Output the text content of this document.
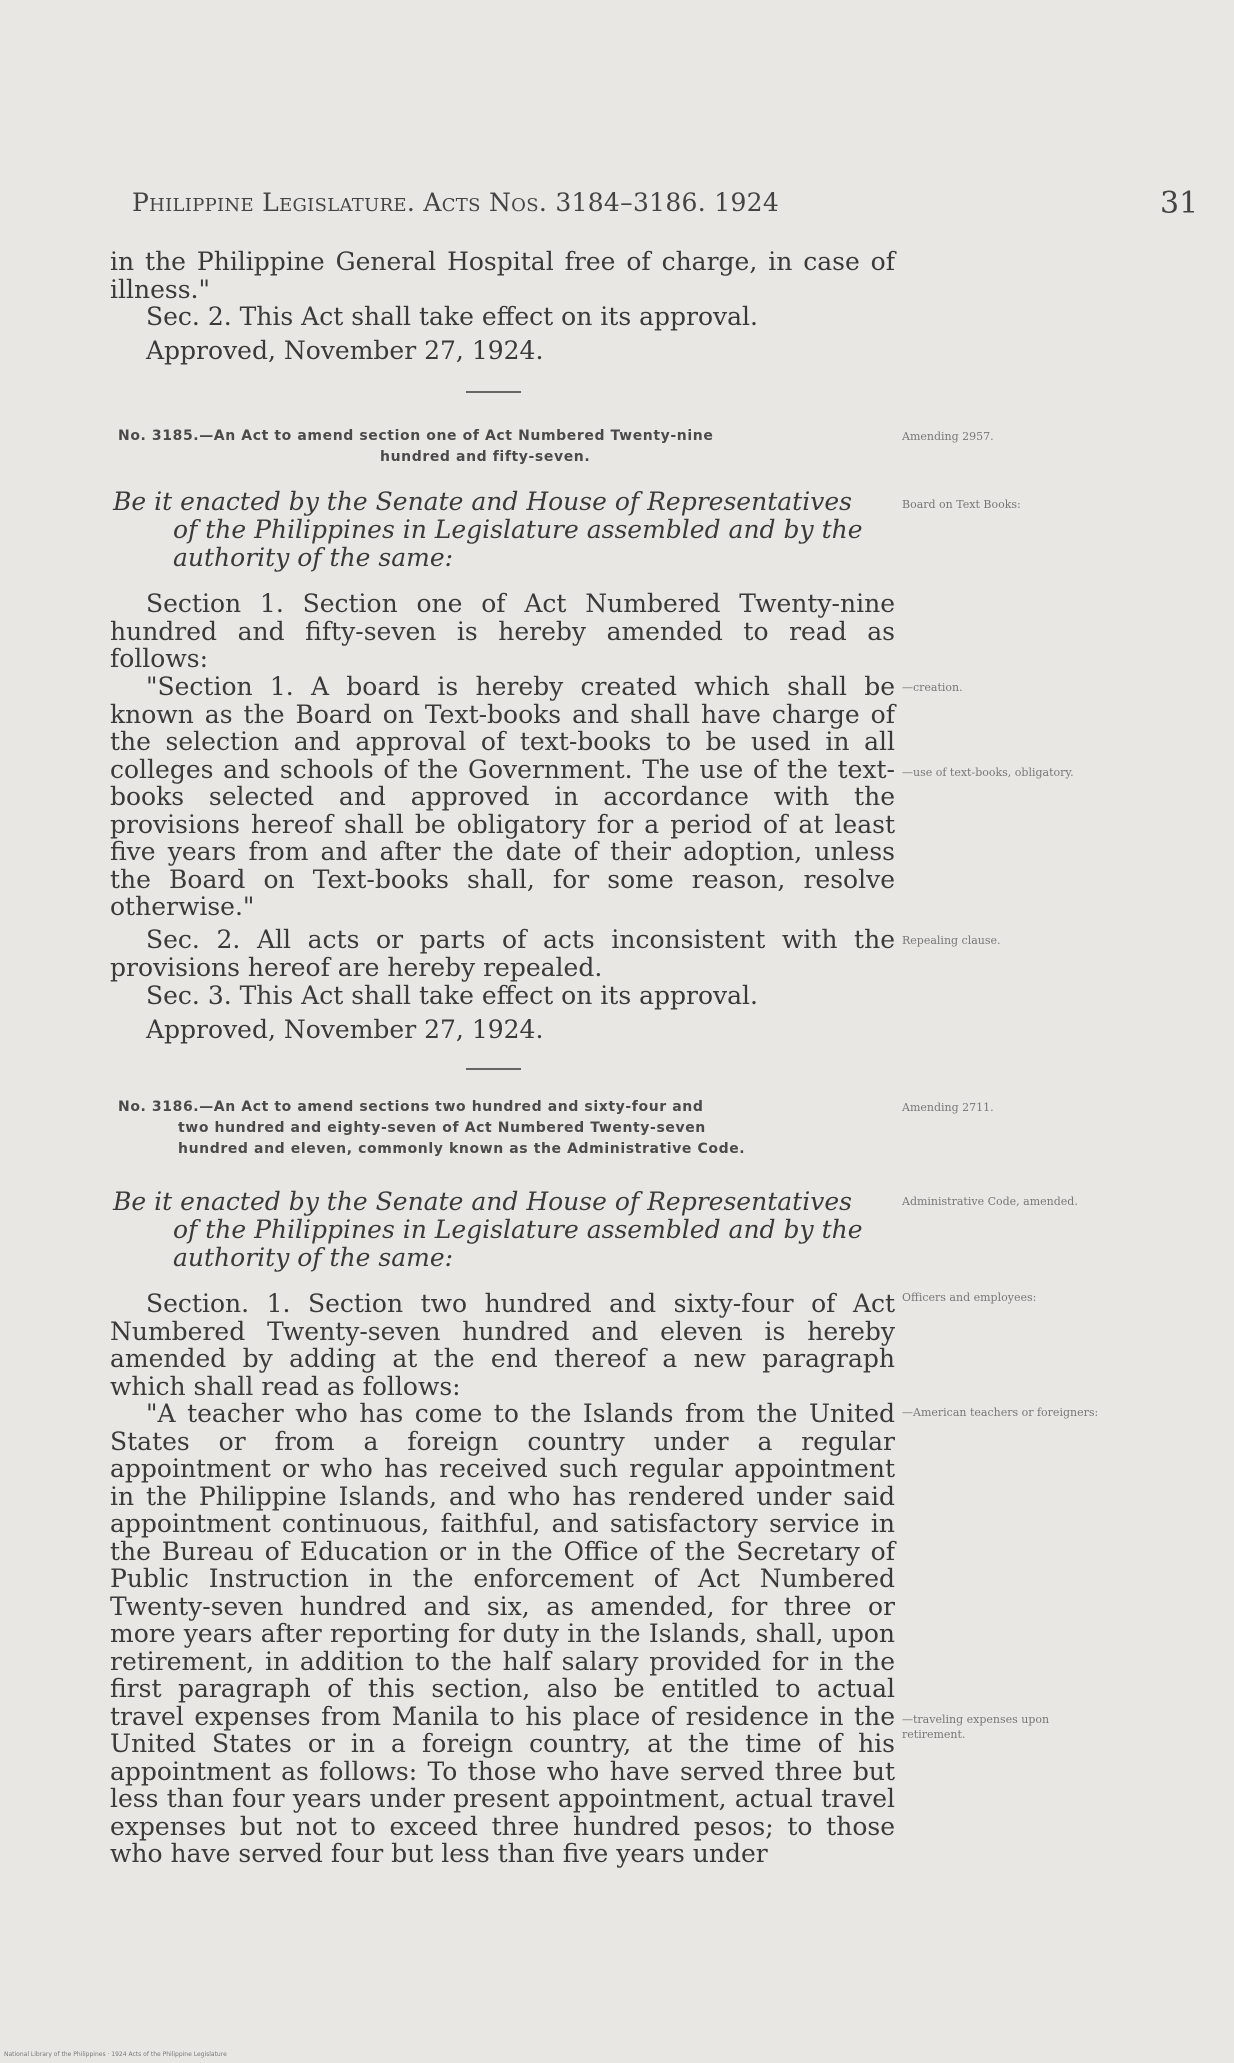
Philippine Legislature. Acts Nos. 3184–3186. 1924	31

in the Philippine General Hospital free of charge, in case of illness."

Sec. 2. This Act shall take effect on its approval.

Approved, November 27, 1924.

No. 3185.—An Act to amend section one of Act Numbered Twenty-nine
hundred and fifty-seven.
Amending 2957.
Be it enacted by the Senate and House of Representatives
of the Philippines in Legislature assembled and by the authority of the same:
Board on Text Books:

Section 1. Section one of Act Numbered Twenty-nine hundred and fifty-seven is hereby amended to read as follows:

"Section 1. A board is hereby created which shall be known as the Board on Text-books and shall have charge of the selection and approval of text-books to be used in all colleges and schools of the Government. The use of the text-books selected and approved in accordance with the provisions hereof shall be obligatory for a period of at least five years from and after the date of their adoption, unless the Board on Text-books shall, for some reason, resolve otherwise."

—creation.
—use of text-books, obligatory.

Sec. 2. All acts or parts of acts inconsistent with the provisions hereof are hereby repealed.

Repealing clause.

Sec. 3. This Act shall take effect on its approval.

Approved, November 27, 1924.

No. 3186.—An Act to amend sections two hundred and sixty-four and
two hundred and eighty-seven of Act Numbered Twenty-seven
hundred and eleven, commonly known as the Administrative Code.
Amending 2711.
Be it enacted by the Senate and House of Representatives
of the Philippines in Legislature assembled and by the authority of the same:
Administrative Code, amended.

Section. 1. Section two hundred and sixty-four of Act Numbered Twenty-seven hundred and eleven is hereby amended by adding at the end thereof a new paragraph which shall read as follows:

Officers and employees:

"A teacher who has come to the Islands from the United States or from a foreign country under a regular appointment or who has received such regular appointment in the Philippine Islands, and who has rendered under said appointment continuous, faithful, and satisfactory service in the Bureau of Education or in the Office of the Secretary of Public Instruction in the enforcement of Act Numbered Twenty-seven hundred and six, as amended, for three or more years after reporting for duty in the Islands, shall, upon retirement, in addition to the half salary provided for in the first paragraph of this section, also be entitled to actual travel expenses from Manila to his place of residence in the United States or in a foreign country, at the time of his appointment as follows: To those who have served three but less than four years under present appointment, actual travel expenses but not to exceed three hundred pesos; to those who have served four but less than five years under

—American teachers or foreigners:
—traveling expenses upon retirement.
National Library of the Philippines · 1924 Acts of the Philippine Legislature
